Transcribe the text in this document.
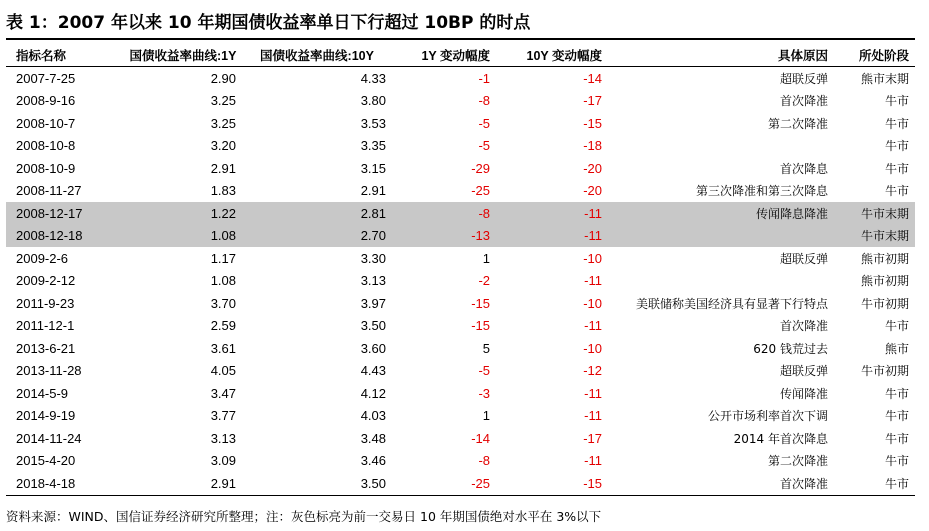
表 1：2007 年以来 10 年期国债收益率单日下行超过 10BP 的时点
指标名称	国债收益率曲线:1Y	国债收益率曲线:10Y	1Y 变动幅度	10Y 变动幅度	具体原因	所处阶段
2007-7-25	2.90	4.33	-1	-14	超联反弹	熊市末期
2008-9-16	3.25	3.80	-8	-17	首次降准	牛市
2008-10-7	3.25	3.53	-5	-15	第二次降准	牛市
2008-10-8	3.20	3.35	-5	-18		牛市
2008-10-9	2.91	3.15	-29	-20	首次降息	牛市
2008-11-27	1.83	2.91	-25	-20	第三次降准和第三次降息	牛市
2008-12-17	1.22	2.81	-8	-11	传闻降息降准	牛市末期
2008-12-18	1.08	2.70	-13	-11		牛市末期
2009-2-6	1.17	3.30	1	-10	超联反弹	熊市初期
2009-2-12	1.08	3.13	-2	-11		熊市初期
2011-9-23	3.70	3.97	-15	-10	美联储称美国经济具有显著下行特点	牛市初期
2011-12-1	2.59	3.50	-15	-11	首次降准	牛市
2013-6-21	3.61	3.60	5	-10	620 钱荒过去	熊市
2013-11-28	4.05	4.43	-5	-12	超联反弹	牛市初期
2014-5-9	3.47	4.12	-3	-11	传闻降准	牛市
2014-9-19	3.77	4.03	1	-11	公开市场利率首次下调	牛市
2014-11-24	3.13	3.48	-14	-17	2014 年首次降息	牛市
2015-4-20	3.09	3.46	-8	-11	第二次降准	牛市
2018-4-18	2.91	3.50	-25	-15	首次降准	牛市
资料来源：WIND、国信证券经济研究所整理；注：灰色标亮为前一交易日 10 年期国债绝对水平在 3%以下
